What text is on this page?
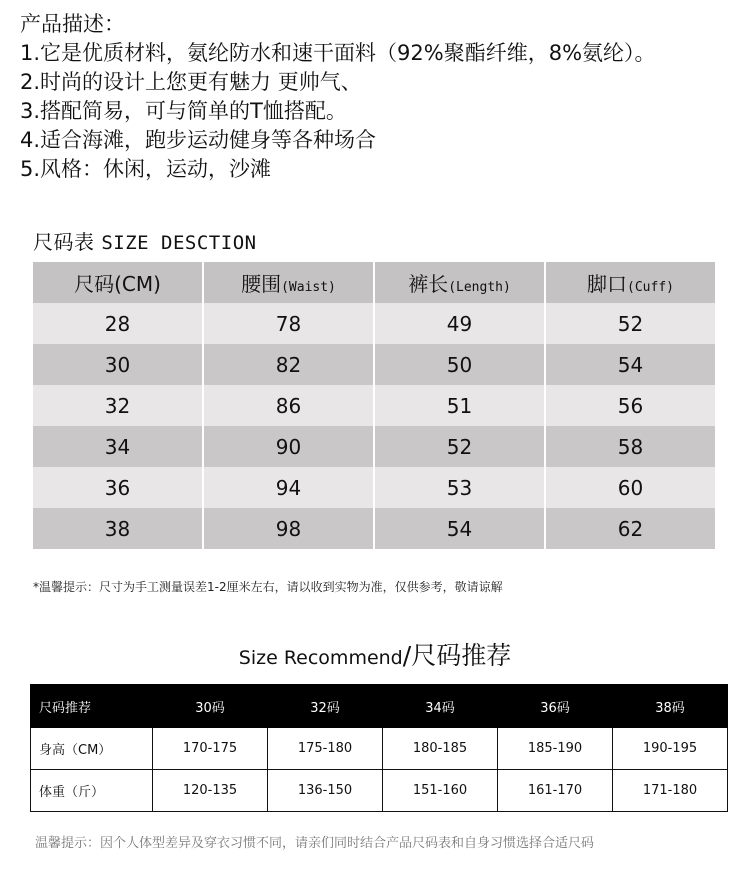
产品描述：
1.它是优质材料，氨纶防水和速干面料（92%聚酯纤维，8%氨纶）。
2.时尚的设计上您更有魅力 更帅气、
3.搭配简易，可与简单的T恤搭配。
4.适合海滩，跑步运动健身等各种场合
5.风格：休闲，运动，沙滩
尺码表 SIZE DESCTION
尺码(CM)	腰围(Waist)	裤长(Length)	脚口(Cuff)
28	78	49	52
30	82	50	54
32	86	51	56
34	90	52	58
36	94	53	60
38	98	54	62
*温馨提示：尺寸为手工测量误差1-2厘米左右，请以收到实物为准，仅供参考，敬请谅解
Size Recommend/尺码推荐
尺码推荐	30码	32码	34码	36码	38码
身高（CM）	170-175	175-180	180-185	185-190	190-195
体重（斤）	120-135	136-150	151-160	161-170	171-180
温馨提示：因个人体型差异及穿衣习惯不同，请亲们同时结合产品尺码表和自身习惯选择合适尺码
